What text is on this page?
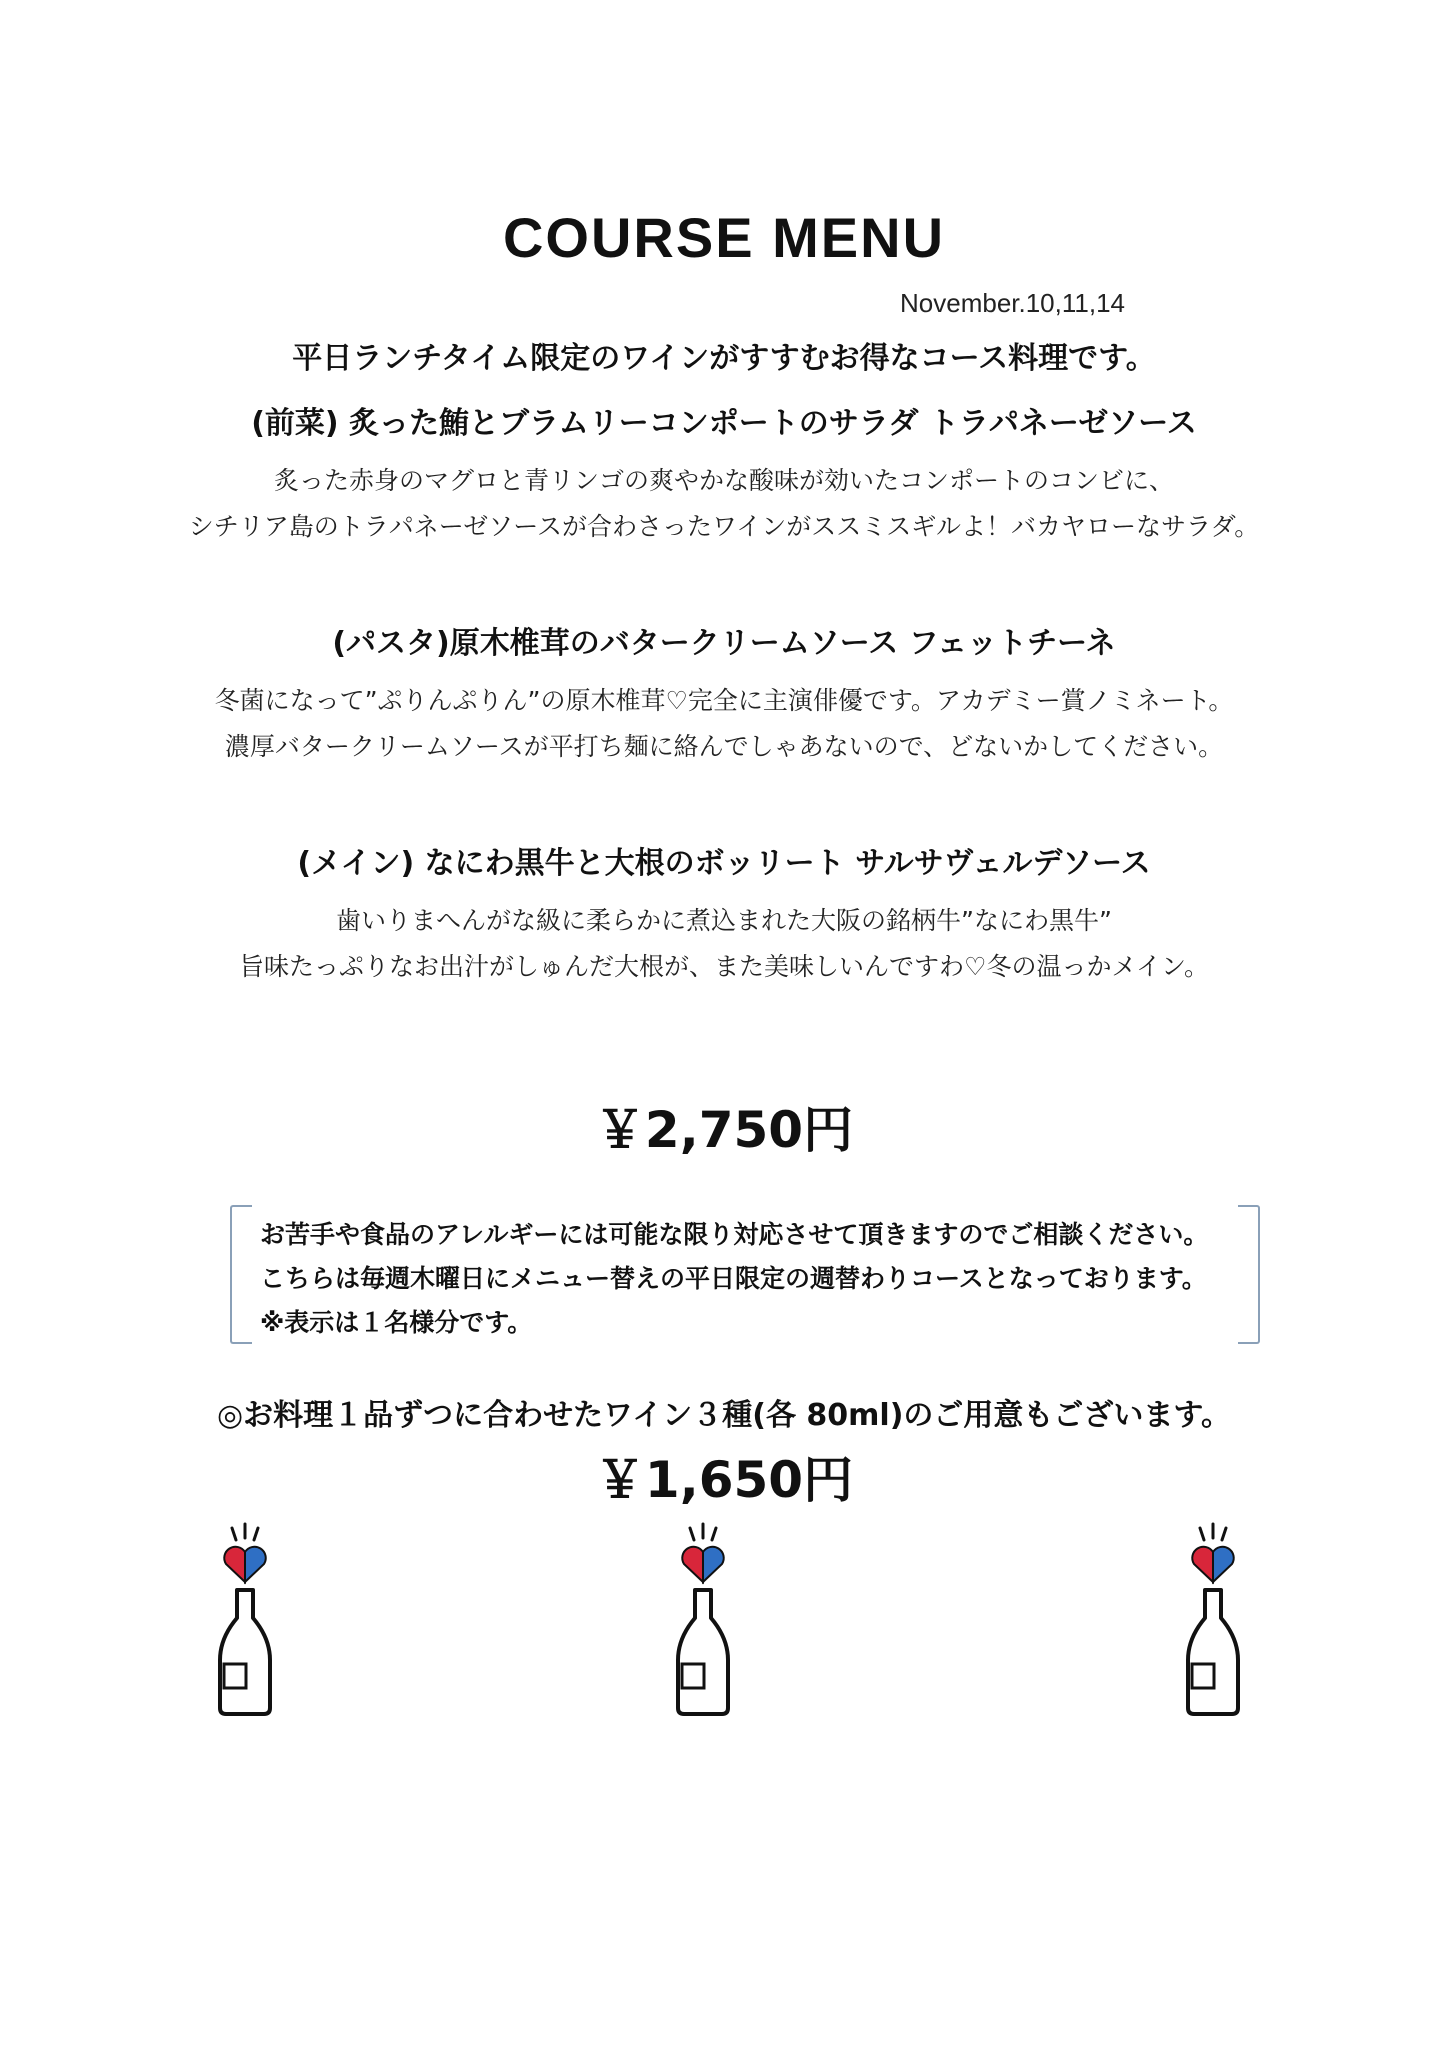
COURSE MENU
November.10,11,14
平日ランチタイム限定のワインがすすむお得なコース料理です。
(前菜) 炙った鮪とブラムリーコンポートのサラダ トラパネーゼソース
炙った赤身のマグロと青リンゴの爽やかな酸味が効いたコンポートのコンビに、
シチリア島のトラパネーゼソースが合わさったワインがススミスギルよ！バカヤローなサラダ。
(パスタ)原木椎茸のバタークリームソース フェットチーネ
冬菌になって”ぷりんぷりん”の原木椎茸♡完全に主演俳優です。アカデミー賞ノミネート。
濃厚バタークリームソースが平打ち麺に絡んでしゃあないので、どないかしてください。
(メイン) なにわ黒牛と大根のボッリート サルサヴェルデソース
歯いりまへんがな級に柔らかに煮込まれた大阪の銘柄牛”なにわ黒牛”
旨味たっぷりなお出汁がしゅんだ大根が、また美味しいんですわ♡冬の温っかメイン。
￥2,750円
お苦手や食品のアレルギーには可能な限り対応させて頂きますのでご相談ください。
こちらは毎週木曜日にメニュー替えの平日限定の週替わりコースとなっております。
※表示は１名様分です。
◎お料理１品ずつに合わせたワイン３種(各 80ml)のご用意もございます。
￥1,650円
